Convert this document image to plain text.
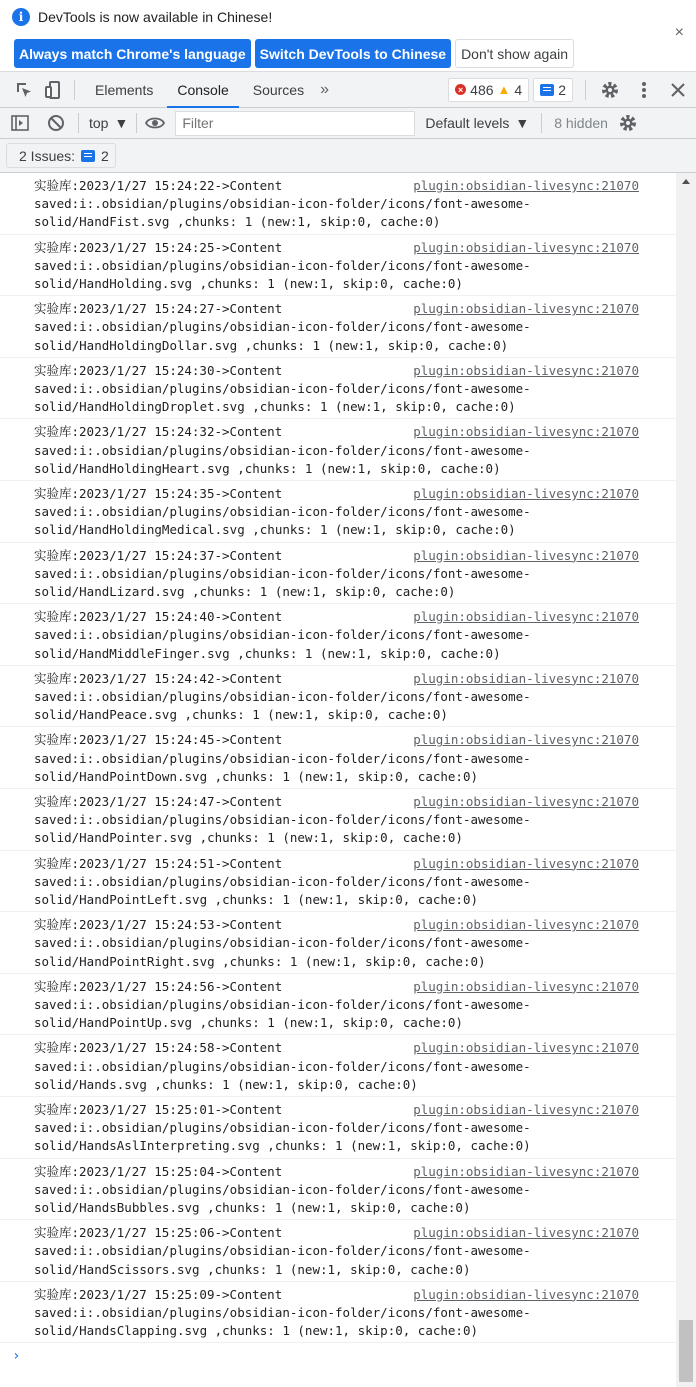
i	DevTools is now available in Chinese!
×
Always match Chrome's language	Switch DevTools to Chinese	Don't show again
Elements	Console	Sources	»	× 486 ▲ 4	2
top ▼
Filter	Default levels ▼ 8 hidden
2 Issues: 2
实验库:2023/1/27 15:24:22->Content
saved:i:.obsidian/plugins/obsidian-icon-folder/icons/font-awesome-
solid/HandFist.svg ,chunks: 1 (new:1, skip:0, cache:0)
plugin:obsidian-livesync:21070
实验库:2023/1/27 15:24:25->Content
saved:i:.obsidian/plugins/obsidian-icon-folder/icons/font-awesome-
solid/HandHolding.svg ,chunks: 1 (new:1, skip:0, cache:0)
plugin:obsidian-livesync:21070
实验库:2023/1/27 15:24:27->Content
saved:i:.obsidian/plugins/obsidian-icon-folder/icons/font-awesome-
solid/HandHoldingDollar.svg ,chunks: 1 (new:1, skip:0, cache:0)
plugin:obsidian-livesync:21070
实验库:2023/1/27 15:24:30->Content
saved:i:.obsidian/plugins/obsidian-icon-folder/icons/font-awesome-
solid/HandHoldingDroplet.svg ,chunks: 1 (new:1, skip:0, cache:0)
plugin:obsidian-livesync:21070
实验库:2023/1/27 15:24:32->Content
saved:i:.obsidian/plugins/obsidian-icon-folder/icons/font-awesome-
solid/HandHoldingHeart.svg ,chunks: 1 (new:1, skip:0, cache:0)
plugin:obsidian-livesync:21070
实验库:2023/1/27 15:24:35->Content
saved:i:.obsidian/plugins/obsidian-icon-folder/icons/font-awesome-
solid/HandHoldingMedical.svg ,chunks: 1 (new:1, skip:0, cache:0)
plugin:obsidian-livesync:21070
实验库:2023/1/27 15:24:37->Content
saved:i:.obsidian/plugins/obsidian-icon-folder/icons/font-awesome-
solid/HandLizard.svg ,chunks: 1 (new:1, skip:0, cache:0)
plugin:obsidian-livesync:21070
实验库:2023/1/27 15:24:40->Content
saved:i:.obsidian/plugins/obsidian-icon-folder/icons/font-awesome-
solid/HandMiddleFinger.svg ,chunks: 1 (new:1, skip:0, cache:0)
plugin:obsidian-livesync:21070
实验库:2023/1/27 15:24:42->Content
saved:i:.obsidian/plugins/obsidian-icon-folder/icons/font-awesome-
solid/HandPeace.svg ,chunks: 1 (new:1, skip:0, cache:0)
plugin:obsidian-livesync:21070
实验库:2023/1/27 15:24:45->Content
saved:i:.obsidian/plugins/obsidian-icon-folder/icons/font-awesome-
solid/HandPointDown.svg ,chunks: 1 (new:1, skip:0, cache:0)
plugin:obsidian-livesync:21070
实验库:2023/1/27 15:24:47->Content
saved:i:.obsidian/plugins/obsidian-icon-folder/icons/font-awesome-
solid/HandPointer.svg ,chunks: 1 (new:1, skip:0, cache:0)
plugin:obsidian-livesync:21070
实验库:2023/1/27 15:24:51->Content
saved:i:.obsidian/plugins/obsidian-icon-folder/icons/font-awesome-
solid/HandPointLeft.svg ,chunks: 1 (new:1, skip:0, cache:0)
plugin:obsidian-livesync:21070
实验库:2023/1/27 15:24:53->Content
saved:i:.obsidian/plugins/obsidian-icon-folder/icons/font-awesome-
solid/HandPointRight.svg ,chunks: 1 (new:1, skip:0, cache:0)
plugin:obsidian-livesync:21070
实验库:2023/1/27 15:24:56->Content
saved:i:.obsidian/plugins/obsidian-icon-folder/icons/font-awesome-
solid/HandPointUp.svg ,chunks: 1 (new:1, skip:0, cache:0)
plugin:obsidian-livesync:21070
实验库:2023/1/27 15:24:58->Content
saved:i:.obsidian/plugins/obsidian-icon-folder/icons/font-awesome-
solid/Hands.svg ,chunks: 1 (new:1, skip:0, cache:0)
plugin:obsidian-livesync:21070
实验库:2023/1/27 15:25:01->Content
saved:i:.obsidian/plugins/obsidian-icon-folder/icons/font-awesome-
solid/HandsAslInterpreting.svg ,chunks: 1 (new:1, skip:0, cache:0)
plugin:obsidian-livesync:21070
实验库:2023/1/27 15:25:04->Content
saved:i:.obsidian/plugins/obsidian-icon-folder/icons/font-awesome-
solid/HandsBubbles.svg ,chunks: 1 (new:1, skip:0, cache:0)
plugin:obsidian-livesync:21070
实验库:2023/1/27 15:25:06->Content
saved:i:.obsidian/plugins/obsidian-icon-folder/icons/font-awesome-
solid/HandScissors.svg ,chunks: 1 (new:1, skip:0, cache:0)
plugin:obsidian-livesync:21070
实验库:2023/1/27 15:25:09->Content
saved:i:.obsidian/plugins/obsidian-icon-folder/icons/font-awesome-
solid/HandsClapping.svg ,chunks: 1 (new:1, skip:0, cache:0)
plugin:obsidian-livesync:21070
›
